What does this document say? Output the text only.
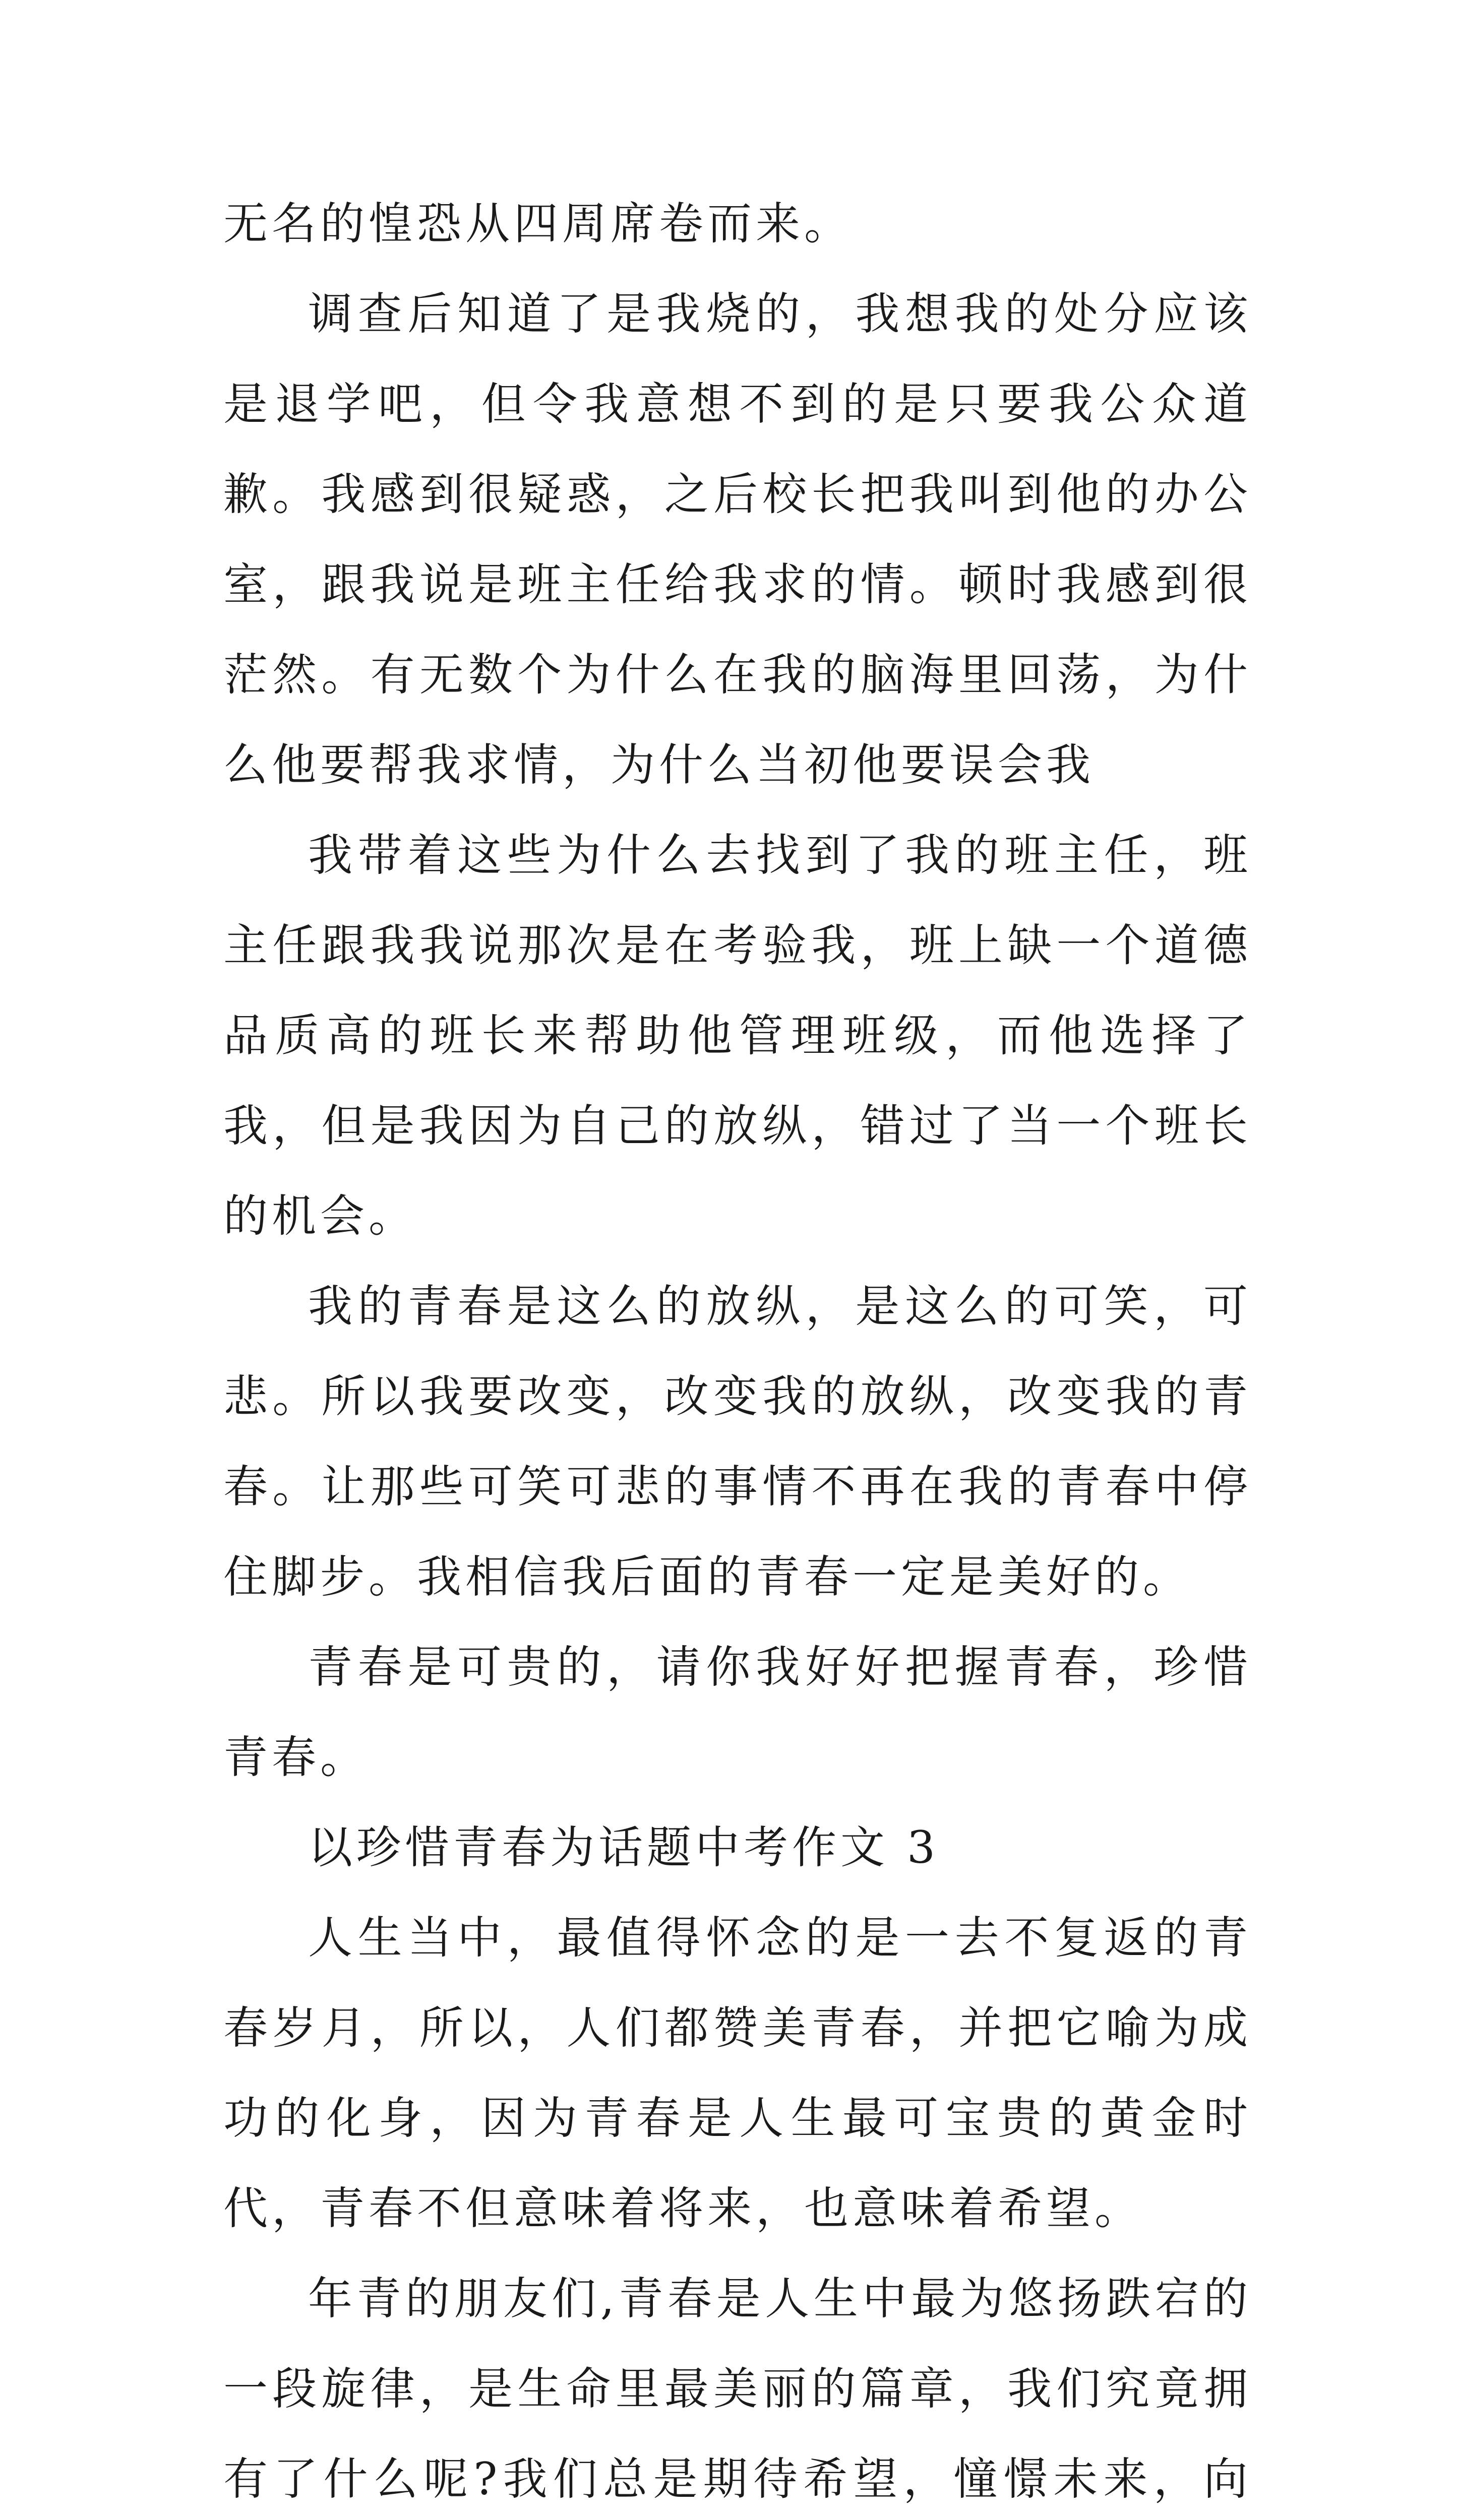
无名的惶恐从四周席卷而来。

调查后知道了是我烧的，我想我的处分应该是退学吧，但令我意想不到的是只要我公众道歉。我感到很疑惑，之后校长把我叫到他的办公室，跟我说是班主任给我求的情。顿时我感到很茫然。有无数个为什么在我的脑海里回荡，为什么他要帮我求情，为什么当初他要误会我

我带着这些为什么去找到了我的班主任，班主任跟我我说那次是在考验我，班上缺一个道德品质高的班长来帮助他管理班级，而他选择了我，但是我因为自己的放纵，错过了当一个班长的机会。

我的青春是这么的放纵，是这么的可笑，可悲。所以我要改变，改变我的放纵，改变我的青春。让那些可笑可悲的事情不再在我的青春中停住脚步。我相信我后面的青春一定是美好的。

青春是可贵的，请你我好好把握青春，珍惜青春。

以珍惜青春为话题中考作文 3

人生当中，最值得怀念的是一去不复返的青春岁月，所以，人们都赞美青春，并把它喻为成功的化身，因为青春是人生最可宝贵的黄金时代，青春不但意味着将来，也意味着希望。

年青的朋友们,青春是人生中最为悠扬跌宕的一段旋律，是生命里最美丽的篇章，我们究竟拥有了什么呢?我们总是期待希望，憧憬未来，向
